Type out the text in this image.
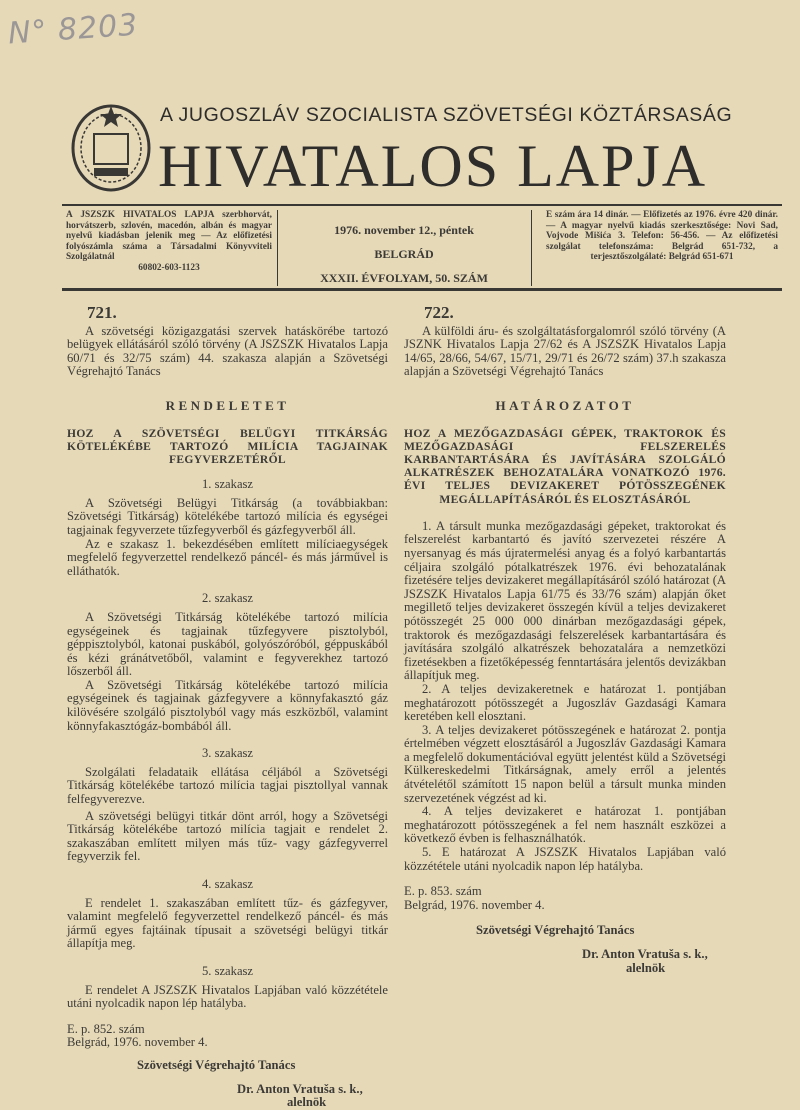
N° 8203
A JUGOSZLÁV SZOCIALISTA SZÖVETSÉGI KÖZTÁRSASÁG
HIVATALOS LAPJA
A JSZSZK HIVATALOS LAPJA szerbhorvát, horvátszerb, szlovén, macedón, albán és magyar nyelvű kiadásban jelenik meg — Az előfizetési folyószámla száma a Társadalmi Könyvviteli Szolgálatnál
60802-603-1123
1976. november 12., péntek
BELGRÁD
XXXII. ÉVFOLYAM, 50. SZÁM
E szám ára 14 dinár. — Előfizetés az 1976. évre 420 dinár. — A magyar nyelvű kiadás szerkesztősége: Novi Sad, Vojvode Mišića 3. Telefon: 56-456. — Az előfizetési szolgálat telefonszáma: Belgrád 651-732, a terjesztőszolgálaté: Belgrád 651-671
721.

A szövetségi közigazgatási szervek hatáskörébe tartozó belügyek ellátásáról szóló törvény (A JSZSZK Hivatalos Lapja 60/71 és 32/75 szám) 44. szakasza alapján a Szövetségi Végrehajtó Tanács

RENDELETET
HOZ A SZÖVETSÉGI BELÜGYI TITKÁRSÁG KÖTELÉKÉBE TARTOZÓ MILÍCIA TAGJAINAK FEGYVERZETÉRŐL
1. szakasz

A Szövetségi Belügyi Titkárság (a továbbiakban: Szövetségi Titkárság) kötelékébe tartozó milícia és egységei tagjainak fegyverzete tűzfegyverből és gázfegyverből áll.

Az e szakasz 1. bekezdésében említett milíciaegységek megfelelő fegyverzettel rendelkező páncél- és más járművel is elláthatók.

2. szakasz

A Szövetségi Titkárság kötelékébe tartozó milícia egységeinek és tagjainak tűzfegyvere pisztolyból, géppisztolyból, katonai puskából, golyószóróból, géppuskából és kézi gránátvetőből, valamint e fegyverekhez tartozó lőszerből áll.

A Szövetségi Titkárság kötelékébe tartozó milícia egységeinek és tagjainak gázfegyvere a könnyfakasztó gáz kilövésére szolgáló pisztolyból vagy más eszközből, valamint könnyfakasztógáz-bombából áll.

3. szakasz

Szolgálati feladataik ellátása céljából a Szövetségi Titkárság kötelékébe tartozó milícia tagjai pisztollyal vannak felfegyverezve.

A szövetségi belügyi titkár dönt arról, hogy a Szövetségi Titkárság kötelékébe tartozó milícia tagjait e rendelet 2. szakaszában említett milyen más tűz- vagy gázfegyverrel fegyverzik fel.

4. szakasz

E rendelet 1. szakaszában említett tűz- és gázfegyver, valamint megfelelő fegyverzettel rendelkező páncél- és más jármű egyes fajtáinak típusait a szövetségi belügyi titkár állapítja meg.

5. szakasz

E rendelet A JSZSZK Hivatalos Lapjában való közzététele utáni nyolcadik napon lép hatályba.

E. p. 852. szám
Belgrád, 1976. november 4.
Szövetségi Végrehajtó Tanács
Dr. Anton Vratuša s. k.,
alelnök
722.

A külföldi áru- és szolgáltatásforgalomról szóló törvény (A JSZNK Hivatalos Lapja 27/62 és A JSZSZK Hivatalos Lapja 14/65, 28/66, 54/67, 15/71, 29/71 és 26/72 szám) 37.h szakasza alapján a Szövetségi Végrehajtó Tanács

HATÁROZATOT
HOZ A MEZŐGAZDASÁGI GÉPEK, TRAKTOROK ÉS MEZŐGAZDASÁGI FELSZERELÉS KARBANTARTÁSÁRA ÉS JAVÍTÁSÁRA SZOLGÁLÓ ALKATRÉSZEK BEHOZATALÁRA VONATKOZÓ 1976. ÉVI TELJES DEVIZAKERET PÓTÖSSZEGÉNEK MEGÁLLAPÍTÁSÁRÓL ÉS ELOSZTÁSÁRÓL

1. A társult munka mezőgazdasági gépeket, traktorokat és felszerelést karbantartó és javító szervezetei részére A nyersanyag és más újratermelési anyag és a folyó karbantartás céljaira szolgáló pótalkatrészek 1976. évi behozatalának fizetésére teljes devizakeret megállapításáról szóló határozat (A JSZSZK Hivatalos Lapja 61/75 és 33/76 szám) alapján őket megillető teljes devizakeret összegén kívül a teljes devizakeret pótösszegét 25 000 000 dinárban mezőgazdasági gépek, traktorok és mezőgazdasági felszerelések karbantartására és javítására szolgáló alkatrészek behozatalára a nemzetközi fizetésekben a fizetőképesség fenntartására jelentős devizákban állapítjuk meg.

2. A teljes devizakeretnek e határozat 1. pontjában meghatározott pótösszegét a Jugoszláv Gazdasági Kamara keretében kell elosztani.

3. A teljes devizakeret pótösszegének e határozat 2. pontja értelmében végzett elosztásáról a Jugoszláv Gazdasági Kamara a megfelelő dokumentációval együtt jelentést küld a Szövetségi Külkereskedelmi Titkárságnak, amely erről a jelentés átvételétől számított 15 napon belül a társult munka minden szervezetének végzést ad ki.

4. A teljes devizakeret e határozat 1. pontjában meghatározott pótösszegének a fel nem használt eszközei a következő évben is felhasználhatók.

5. E határozat A JSZSZK Hivatalos Lapjában való közzététele utáni nyolcadik napon lép hatályba.

E. p. 853. szám
Belgrád, 1976. november 4.
Szövetségi Végrehajtó Tanács
Dr. Anton Vratuša s. k.,
alelnök
